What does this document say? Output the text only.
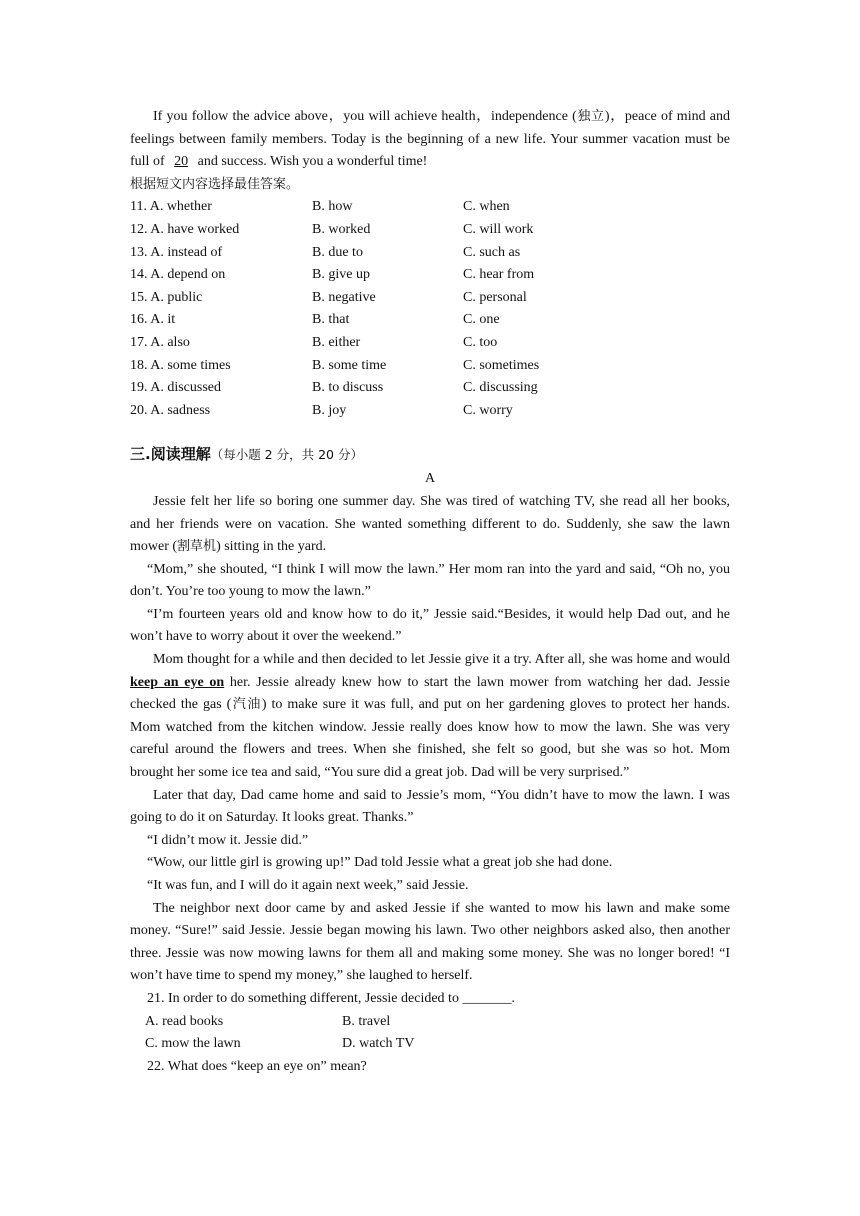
If you follow the advice above，you will achieve health，independence (独立)，peace of mind and feelings between family members. Today is the beginning of a new life. Your summer vacation must be full of 20 and success. Wish you a wonderful time!

根据短文内容选择最佳答案。

11. A. whether	B. how	C. when
12. A. have worked	B. worked	C. will work
13. A. instead of	B. due to	C. such as
14. A. depend on	B. give up	C. hear from
15. A. public	B. negative	C. personal
16. A. it	B. that	C. one
17. A. also	B. either	C. too
18. A. some times	B. some time	C. sometimes
19. A. discussed	B. to discuss	C. discussing
20. A. sadness	B. joy	C. worry
三.阅读理解（每小题 2 分，共 20 分）

A

Jessie felt her life so boring one summer day. She was tired of watching TV, she read all her books, and her friends were on vacation. She wanted something different to do. Suddenly, she saw the lawn mower (割草机) sitting in the yard.

“Mom,” she shouted, “I think I will mow the lawn.” Her mom ran into the yard and said, “Oh no, you don’t. You’re too young to mow the lawn.”

“I’m fourteen years old and know how to do it,” Jessie said.“Besides, it would help Dad out, and he won’t have to worry about it over the weekend.”

Mom thought for a while and then decided to let Jessie give it a try. After all, she was home and would keep an eye on her. Jessie already knew how to start the lawn mower from watching her dad. Jessie checked the gas (汽油) to make sure it was full, and put on her gardening gloves to protect her hands. Mom watched from the kitchen window. Jessie really does know how to mow the lawn. She was very careful around the flowers and trees. When she finished, she felt so good, but she was so hot. Mom brought her some ice tea and said, “You sure did a great job. Dad will be very surprised.”

Later that day, Dad came home and said to Jessie’s mom, “You didn’t have to mow the lawn. I was going to do it on Saturday. It looks great. Thanks.”

“I didn’t mow it. Jessie did.”

“Wow, our little girl is growing up!” Dad told Jessie what a great job she had done.

“It was fun, and I will do it again next week,” said Jessie.

The neighbor next door came by and asked Jessie if she wanted to mow his lawn and make some money. “Sure!” said Jessie. Jessie began mowing his lawn. Two other neighbors asked also, then another three. Jessie was now mowing lawns for them all and making some money. She was no longer bored! “I won’t have time to spend my money,” she laughed to herself.

21. In order to do something different, Jessie decided to _______.

A. read books	B. travel
C. mow the lawn	D. watch TV

22. What does “keep an eye on” mean?
